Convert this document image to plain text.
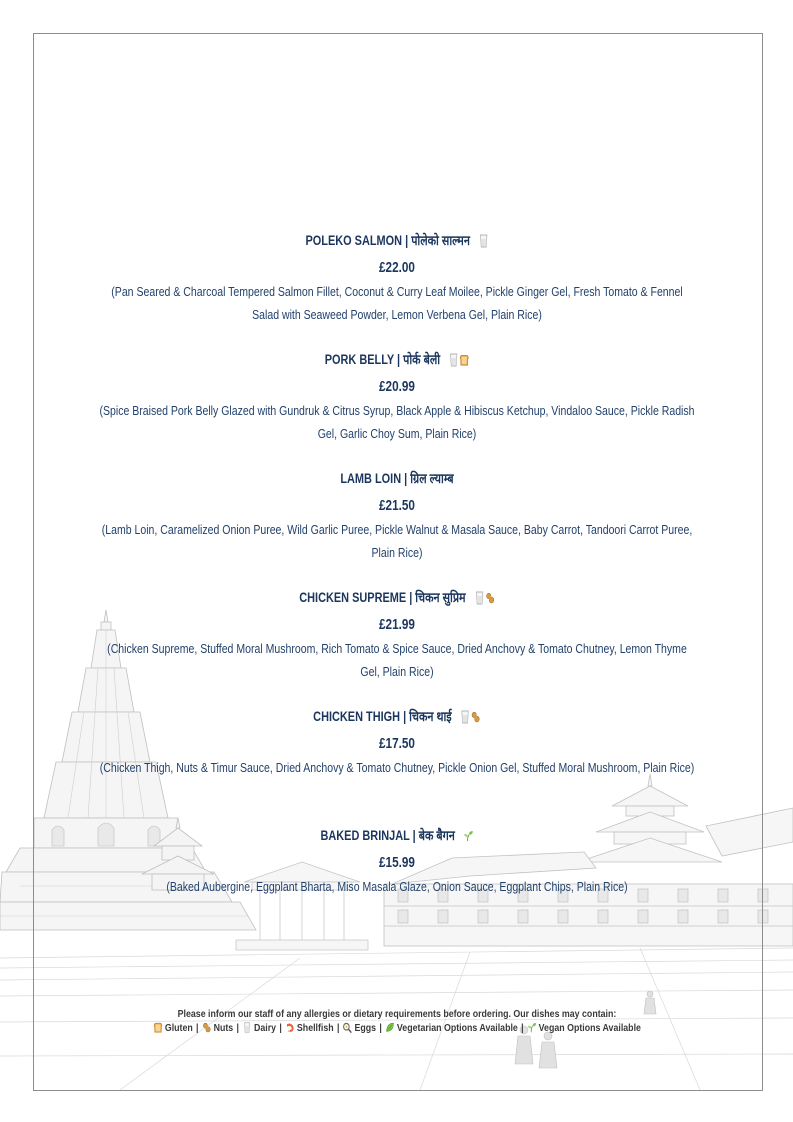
POLEKO SALMON | पोलेको साल्मन
£22.00
(Pan Seared & Charcoal Tempered Salmon Fillet, Coconut & Curry Leaf Moilee, Pickle Ginger Gel, Fresh Tomato & Fennel Salad with Seaweed Powder, Lemon Verbena Gel, Plain Rice)
PORK BELLY | पोर्क बेली
£20.99
(Spice Braised Pork Belly Glazed with Gundruk & Citrus Syrup, Black Apple & Hibiscus Ketchup, Vindaloo Sauce, Pickle Radish Gel, Garlic Choy Sum, Plain Rice)
LAMB LOIN | ग्रिल ल्याम्ब
£21.50
(Lamb Loin, Caramelized Onion Puree, Wild Garlic Puree, Pickle Walnut & Masala Sauce, Baby Carrot, Tandoori Carrot Puree, Plain Rice)
CHICKEN SUPREME | चिकन सुप्रिम
£21.99
(Chicken Supreme, Stuffed Moral Mushroom, Rich Tomato & Spice Sauce, Dried Anchovy & Tomato Chutney, Lemon Thyme Gel, Plain Rice)
CHICKEN THIGH | चिकन थाई
£17.50
(Chicken Thigh, Nuts & Timur Sauce, Dried Anchovy & Tomato Chutney, Pickle Onion Gel, Stuffed Moral Mushroom, Plain Rice)
BAKED BRINJAL | बेक बैगन
£15.99
(Baked Aubergine, Eggplant Bharta, Miso Masala Glaze, Onion Sauce, Eggplant Chips, Plain Rice)
Please inform our staff of any allergies or dietary requirements before ordering. Our dishes may contain:
Gluten | Nuts | Dairy | Shellfish | Eggs | Vegetarian Options Available | Vegan Options Available
